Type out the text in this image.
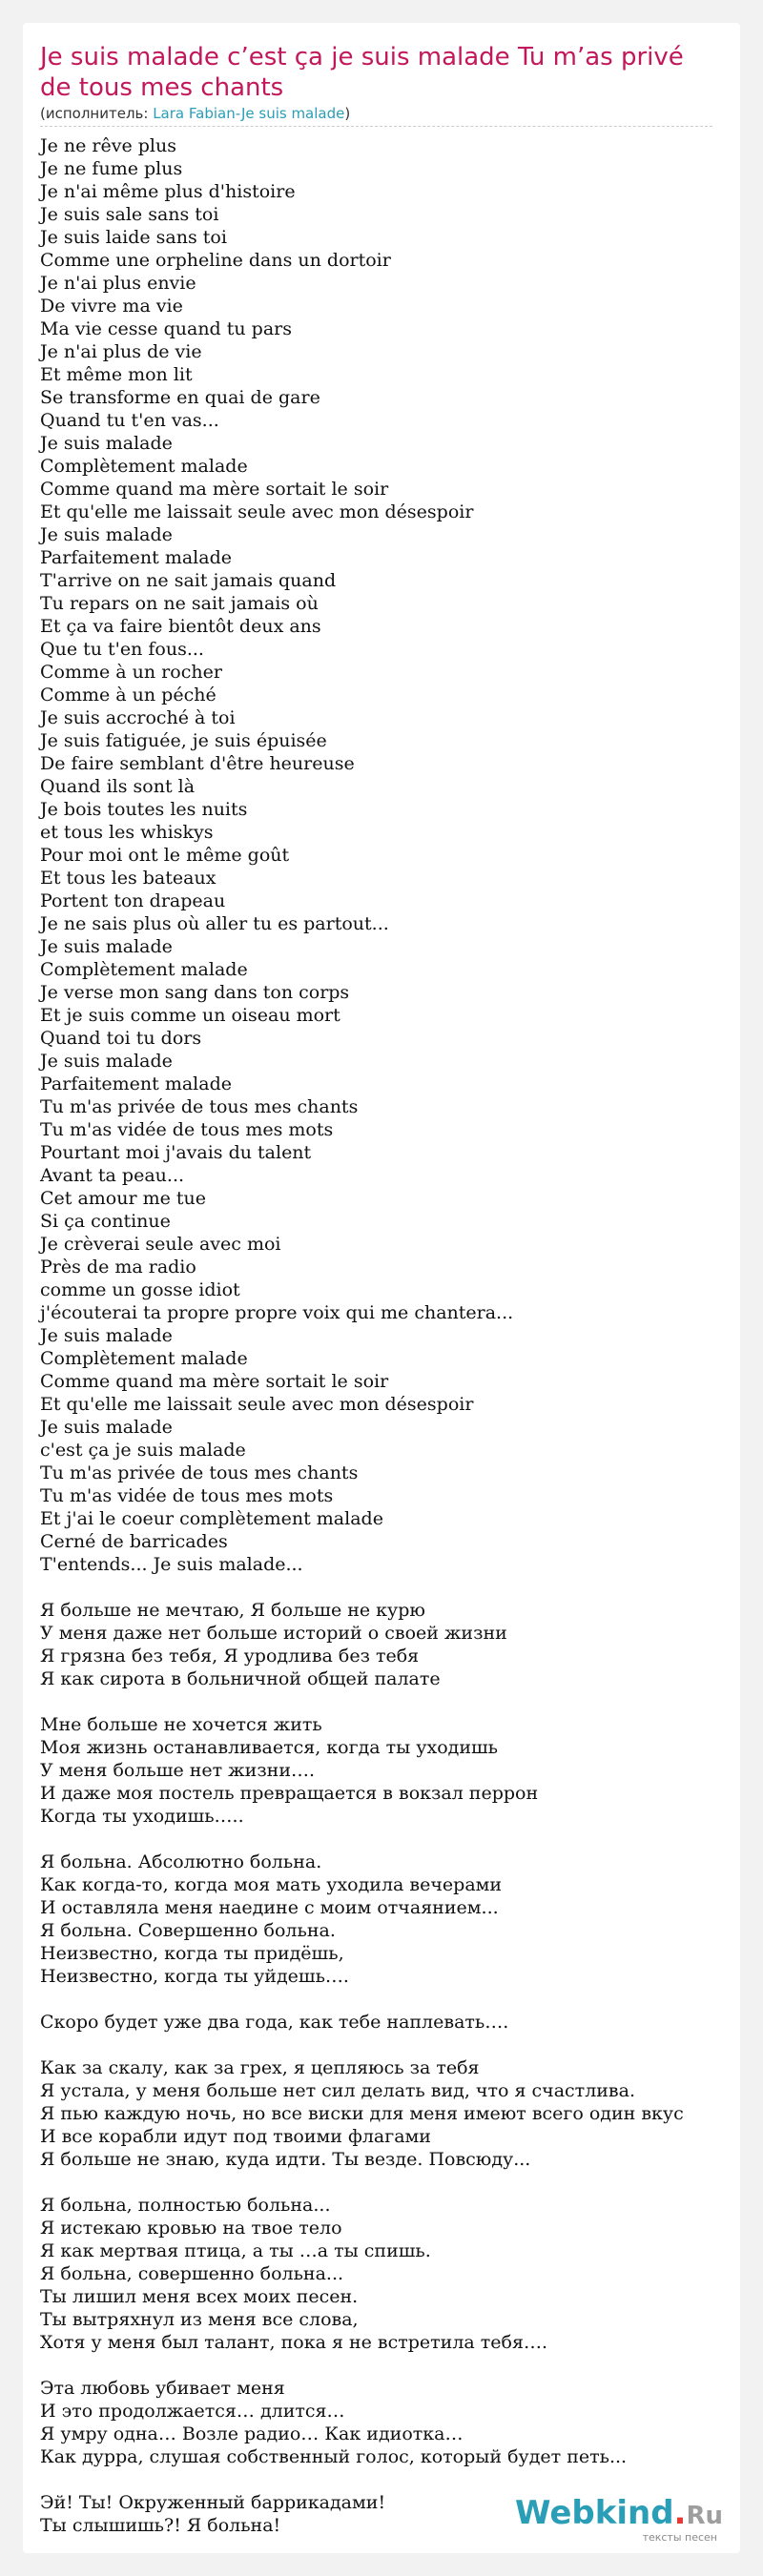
Je suis malade c’est ça je suis malade Tu m’as privé de tous mes chants
(исполнитель: Lara Fabian-Je suis malade)
Je ne rêve plus
Je ne fume plus
Je n'ai même plus d'histoire
Je suis sale sans toi
Je suis laide sans toi
Comme une orpheline dans un dortoir
Je n'ai plus envie
De vivre ma vie
Ma vie cesse quand tu pars
Je n'ai plus de vie
Et même mon lit
Se transforme en quai de gare
Quand tu t'en vas...
Je suis malade
Complètement malade
Comme quand ma mère sortait le soir
Et qu'elle me laissait seule avec mon désespoir
Je suis malade
Parfaitement malade
T'arrive on ne sait jamais quand
Tu repars on ne sait jamais où
Et ça va faire bientôt deux ans
Que tu t'en fous...
Comme à un rocher
Comme à un péché
Je suis accroché à toi
Je suis fatiguée, je suis épuisée
De faire semblant d'être heureuse
Quand ils sont là
Je bois toutes les nuits
et tous les whiskys
Pour moi ont le même goût
Et tous les bateaux
Portent ton drapeau
Je ne sais plus où aller tu es partout...
Je suis malade
Complètement malade
Je verse mon sang dans ton corps
Et je suis comme un oiseau mort
Quand toi tu dors
Je suis malade
Parfaitement malade
Tu m'as privée de tous mes chants
Tu m'as vidée de tous mes mots
Pourtant moi j'avais du talent
Avant ta peau...
Cet amour me tue
Si ça continue
Je crèverai seule avec moi
Près de ma radio
comme un gosse idiot
j'écouterai ta propre propre voix qui me chantera...
Je suis malade
Complètement malade
Comme quand ma mère sortait le soir
Et qu'elle me laissait seule avec mon désespoir
Je suis malade
c'est ça je suis malade
Tu m'as privée de tous mes chants
Tu m'as vidée de tous mes mots
Et j'ai le coeur complètement malade
Cerné de barricades
T'entends... Je suis malade...
Я больше не мечтаю, Я больше не курю
У меня даже нет больше историй о своей жизни
Я грязна без тебя, Я уродлива без тебя
Я как сирота в больничной общей палате
Мне больше не хочется жить
Моя жизнь останавливается, когда ты уходишь
У меня больше нет жизни….
И даже моя постель превращается в вокзал перрон
Когда ты уходишь…..
Я больна. Абсолютно больна.
Как когда-то, когда моя мать уходила вечерами
И оставляла меня наедине с моим отчаянием...
Я больна. Совершенно больна.
Неизвестно, когда ты придёшь,
Неизвестно, когда ты уйдешь….
Скоро будет уже два года, как тебе наплевать….
Как за скалу, как за грех, я цепляюсь за тебя
Я устала, у меня больше нет сил делать вид, что я счастлива.
Я пью каждую ночь, но все виски для меня имеют всего один вкус
И все корабли идут под твоими флагами
Я больше не знаю, куда идти. Ты везде. Повсюду...
Я больна, полностью больна...
Я истекаю кровью на твое тело
Я как мертвая птица, а ты …а ты спишь.
Я больна, совершенно больна...
Ты лишил меня всех моих песен.
Ты вытряхнул из меня все слова,
Хотя у меня был талант, пока я не встретила тебя….
Эта любовь убивает меня
И это продолжается… длится…
Я умру одна… Возле радио… Как идиотка…
Как дурра, слушая собственный голос, который будет петь...
Эй! Ты! Окруженный баррикадами!
Ты слышишь?! Я больна!	Webkind.Ru
тексты песен
